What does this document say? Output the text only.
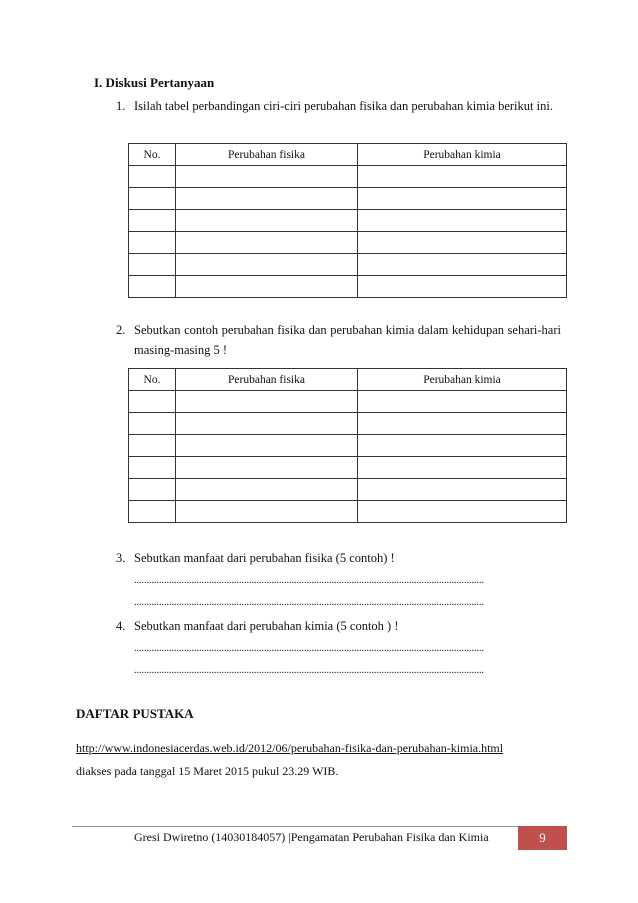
I. Diskusi Pertanyaan
1. Isilah tabel perbandingan ciri-ciri perubahan fisika dan perubahan kimia berikut ini.
No.	Perubahan fisika	Perubahan kimia

2. Sebutkan contoh perubahan fisika dan perubahan kimia dalam kehidupan sehari-hari masing-masing 5 !
No.	Perubahan fisika	Perubahan kimia

3. Sebutkan manfaat dari perubahan fisika (5 contoh) !
............................................................................................................................................
............................................................................................................................................
4. Sebutkan manfaat dari perubahan kimia (5 contoh ) !
............................................................................................................................................
............................................................................................................................................
DAFTAR PUSTAKA
http://www.indonesiacerdas.web.id/2012/06/perubahan-fisika-dan-perubahan-kimia.html
diakses pada tanggal 15 Maret 2015 pukul 23.29 WIB.
Gresi Dwiretno (14030184057) |Pengamatan Perubahan Fisika dan Kimia	9
